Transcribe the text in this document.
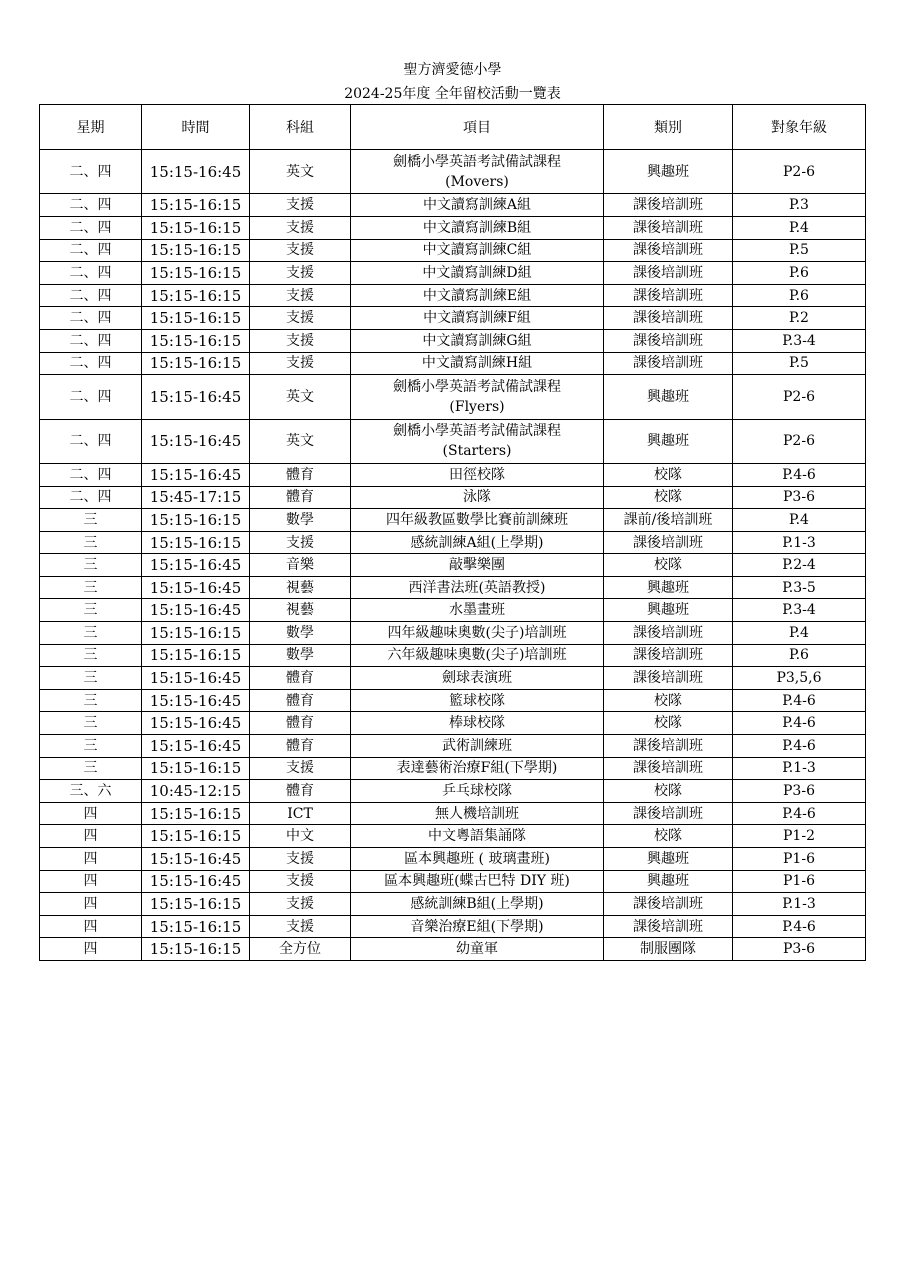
聖方濟愛德小學
2024-25年度 全年留校活動一覽表
星期	時間	科組	項目	類別	對象年級
二、四	15:15-16:45	英文	劍橋小學英語考試備試課程
(Movers)	興趣班	P2-6
二、四	15:15-16:15	支援	中文讀寫訓練A組	課後培訓班	P.3
二、四	15:15-16:15	支援	中文讀寫訓練B組	課後培訓班	P.4
二、四	15:15-16:15	支援	中文讀寫訓練C組	課後培訓班	P.5
二、四	15:15-16:15	支援	中文讀寫訓練D組	課後培訓班	P.6
二、四	15:15-16:15	支援	中文讀寫訓練E組	課後培訓班	P.6
二、四	15:15-16:15	支援	中文讀寫訓練F組	課後培訓班	P.2
二、四	15:15-16:15	支援	中文讀寫訓練G組	課後培訓班	P.3-4
二、四	15:15-16:15	支援	中文讀寫訓練H組	課後培訓班	P.5
二、四	15:15-16:45	英文	劍橋小學英語考試備試課程
(Flyers)	興趣班	P2-6
二、四	15:15-16:45	英文	劍橋小學英語考試備試課程
(Starters)	興趣班	P2-6
二、四	15:15-16:45	體育	田徑校隊	校隊	P.4-6
二、四	15:45-17:15	體育	泳隊	校隊	P3-6
三	15:15-16:15	數學	四年級教區數學比賽前訓練班	課前/後培訓班	P.4
三	15:15-16:15	支援	感統訓練A組(上學期)	課後培訓班	P.1-3
三	15:15-16:45	音樂	敲擊樂團	校隊	P.2-4
三	15:15-16:45	視藝	西洋書法班(英語教授)	興趣班	P.3-5
三	15:15-16:45	視藝	水墨畫班	興趣班	P.3-4
三	15:15-16:15	數學	四年級趣味奧數(尖子)培訓班	課後培訓班	P.4
三	15:15-16:15	數學	六年級趣味奧數(尖子)培訓班	課後培訓班	P.6
三	15:15-16:45	體育	劍球表演班	課後培訓班	P3,5,6
三	15:15-16:45	體育	籃球校隊	校隊	P.4-6
三	15:15-16:45	體育	棒球校隊	校隊	P.4-6
三	15:15-16:45	體育	武術訓練班	課後培訓班	P.4-6
三	15:15-16:15	支援	表達藝術治療F組(下學期)	課後培訓班	P.1-3
三、六	10:45-12:15	體育	乒乓球校隊	校隊	P3-6
四	15:15-16:15	ICT	無人機培訓班	課後培訓班	P.4-6
四	15:15-16:15	中文	中文粵語集誦隊	校隊	P1-2
四	15:15-16:45	支援	區本興趣班 ( 玻璃畫班)	興趣班	P1-6
四	15:15-16:45	支援	區本興趣班(蝶古巴特 DIY 班)	興趣班	P1-6
四	15:15-16:15	支援	感統訓練B組(上學期)	課後培訓班	P.1-3
四	15:15-16:15	支援	音樂治療E組(下學期)	課後培訓班	P.4-6
四	15:15-16:15	全方位	幼童軍	制服團隊	P3-6
